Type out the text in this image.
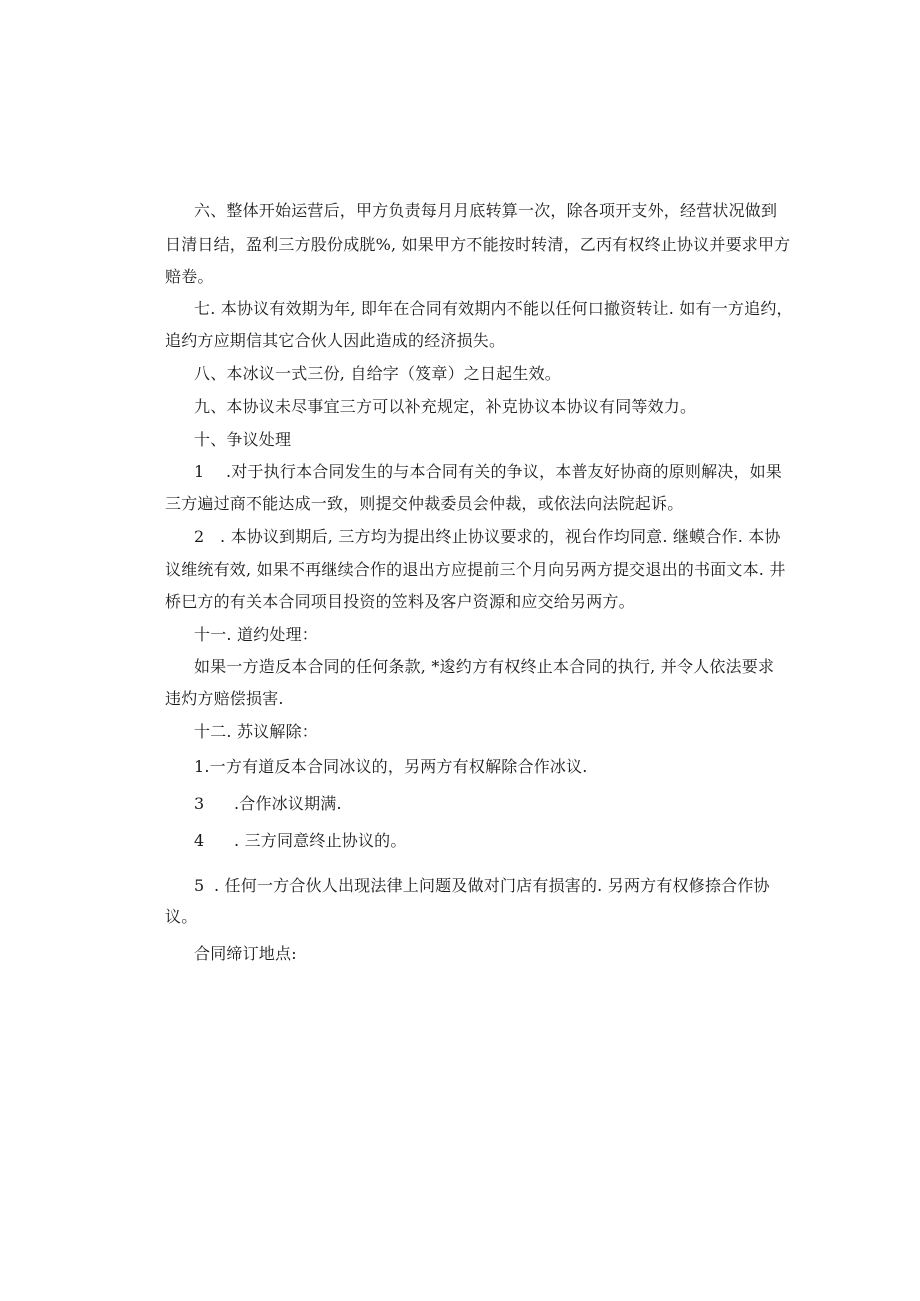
六、整体开始运营后，甲方负责每月月底转算一次，除各项开支外，经营状况做到
日清日结，盈利三方股份成胱%, 如果甲方不能按时转清，乙丙有权终止协议并要求甲方
赔卷。
七. 本协议有效期为年, 即年在合同有效期内不能以任何口撤资转让. 如有一方追约，
追约方应期信其它合伙人因此造成的经济损失。
八、本冰议一式三份, 自给字（笈章）之日起生效。
九、本协议未尽事宜三方可以补充规定，补克协议本协议有同等效力。
十、争议处理
1 .对于执行本合同发生的与本合同有关的争议，本普友好协商的原则解决，如果
三方遍过商不能达成一致，则提交仲裁委员会仲裁，或依法向法院起诉。
2 . 本协议到期后, 三方均为提出终止协议要求的，视台作均同意. 继蟆合作. 本协
议维统有效, 如果不再继续合作的退出方应提前三个月向另两方提交退出的书面文本. 井
桥巳方的有关本合同项目投资的笠料及客户资源和应交给另两方。
十一. 道约处理：
如果一方造反本合同的任何条款, *逡约方有权终止本合同的执行, 并令人依法要求
违灼方赔偿损害.
十二. 苏议解除：
1.一方有道反本合同冰议的，另两方有权解除合作冰议.
3 .合作冰议期满.
4 . 三方同意终止协议的。
5 . 任何一方合伙人出现法律上问题及做对门店有损害的. 另两方有权修捺合作协
议。
合同缔订地点:
